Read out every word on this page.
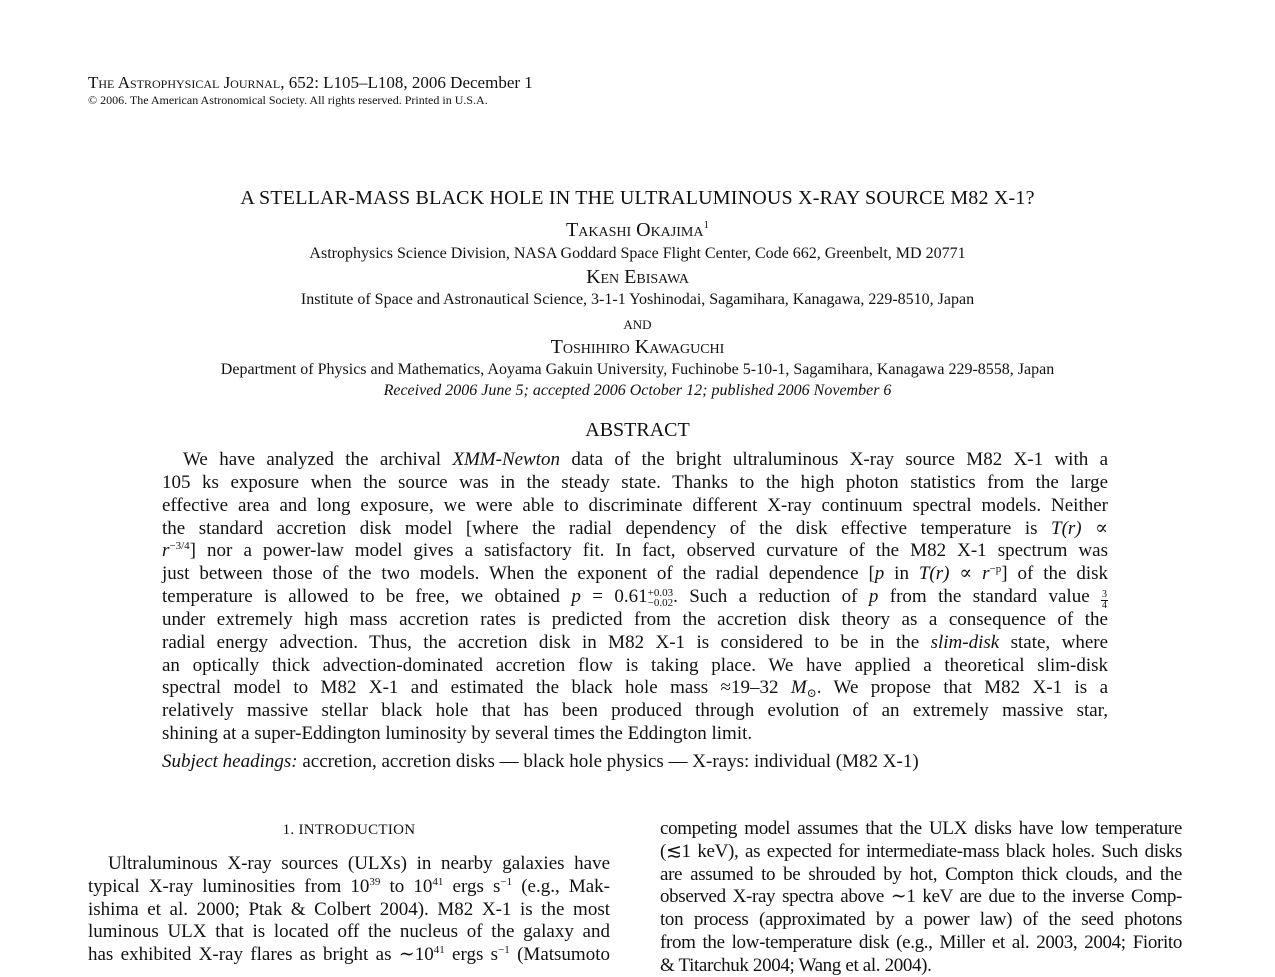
The Astrophysical Journal, 652: L105–L108, 2006 December 1
© 2006. The American Astronomical Society. All rights reserved. Printed in U.S.A.
A STELLAR-MASS BLACK HOLE IN THE ULTRALUMINOUS X-RAY SOURCE M82 X-1?
Takashi Okajima$^1$
Astrophysics Science Division, NASA Goddard Space Flight Center, Code 662, Greenbelt, MD 20771
Ken Ebisawa
Institute of Space and Astronautical Science, 3-1-1 Yoshinodai, Sagamihara, Kanagawa, 229-8510, Japan
and
Toshihiro Kawaguchi
Department of Physics and Mathematics, Aoyama Gakuin University, Fuchinobe 5-10-1, Sagamihara, Kanagawa 229-8558, Japan
Received 2006 June 5; accepted 2006 October 12; published 2006 November 6
ABSTRACT
We have analyzed the archival XMM-Newton data of the bright ultraluminous X-ray source M82 X-1 with a
105 ks exposure when the source was in the steady state. Thanks to the high photon statistics from the large
effective area and long exposure, we were able to discriminate different X-ray continuum spectral models. Neither
the standard accretion disk model [where the radial dependency of the disk effective temperature is T(r) ∝
$r^{-3/4}$] nor a power-law model gives a satisfactory fit. In fact, observed curvature of the M82 X-1 spectrum was
just between those of the two models. When the exponent of the radial dependence [p in $T(r) \propto r^{-p}$] of the disk
temperature is allowed to be free, we obtained p = 0.61 +0.03
−0.02 . Such a reduction of p from the standard value $\frac{3}{4}$
under extremely high mass accretion rates is predicted from the accretion disk theory as a consequence of the
radial energy advection. Thus, the accretion disk in M82 X-1 is considered to be in the slim-disk state, where
an optically thick advection-dominated accretion flow is taking place. We have applied a theoretical slim-disk
spectral model to M82 X-1 and estimated the black hole mass ≈19–32 $M_⊙$. We propose that M82 X-1 is a
relatively massive stellar black hole that has been produced through evolution of an extremely massive star,
shining at a super-Eddington luminosity by several times the Eddington limit.
Subject headings: accretion, accretion disks — black hole physics — X-rays: individual (M82 X-1)
1. INTRODUCTION
Ultraluminous X-ray sources (ULXs) in nearby galaxies have
typical X-ray luminosities from $10^{39}$ to $10^{41}$ ergs $s^{-1}$ (e.g., Mak-
ishima et al. 2000; Ptak & Colbert 2004). M82 X-1 is the most
luminous ULX that is located off the nucleus of the galaxy and
has exhibited X-ray flares as bright as $\sim 10^{41}$ ergs $s^{-1}$ (Matsumoto
competing model assumes that the ULX disks have low temperature
(≲1 keV), as expected for intermediate-mass black holes. Such disks
are assumed to be shrouded by hot, Compton thick clouds, and the
observed X-ray spectra above ∼1 keV are due to the inverse Comp-
ton process (approximated by a power law) of the seed photons
from the low-temperature disk (e.g., Miller et al. 2003, 2004; Fiorito
& Titarchuk 2004; Wang et al. 2004).
